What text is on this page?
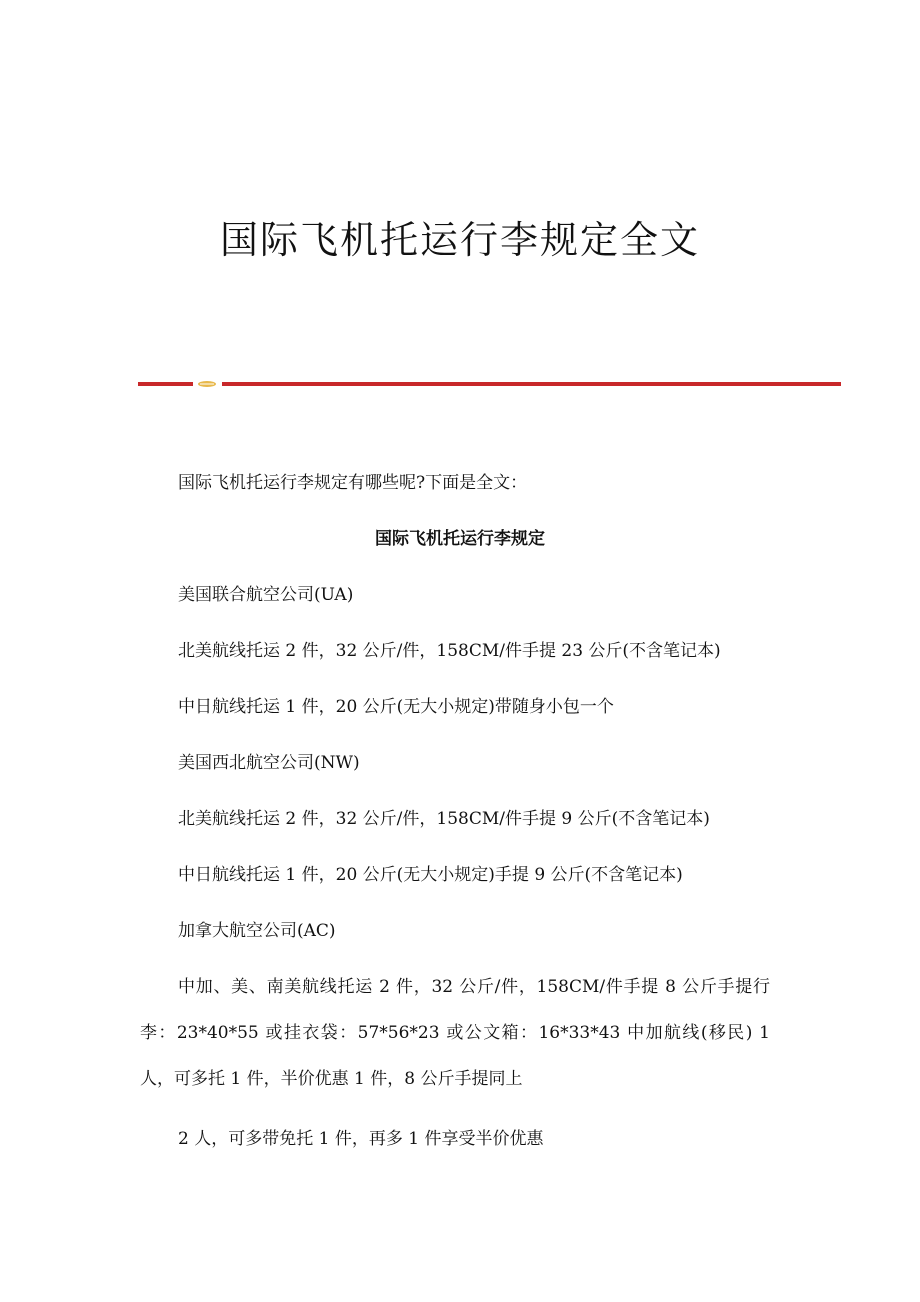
国际飞机托运行李规定全文

国际飞机托运行李规定有哪些呢?下面是全文：

国际飞机托运行李规定

美国联合航空公司(UA)

北美航线托运 2 件，32 公斤/件，158CM/件手提 23 公斤(不含笔记本)

中日航线托运 1 件，20 公斤(无大小规定)带随身小包一个

美国西北航空公司(NW)

北美航线托运 2 件，32 公斤/件，158CM/件手提 9 公斤(不含笔记本)

中日航线托运 1 件，20 公斤(无大小规定)手提 9 公斤(不含笔记本)

加拿大航空公司(AC)

中加、美、南美航线托运 2 件，32 公斤/件，158CM/件手提 8 公斤手提行李：23*40*55 或挂衣袋：57*56*23 或公文箱：16*33*43 中加航线(移民) 1 人，可多托 1 件，半价优惠 1 件，8 公斤手提同上

2 人，可多带免托 1 件，再多 1 件享受半价优惠
